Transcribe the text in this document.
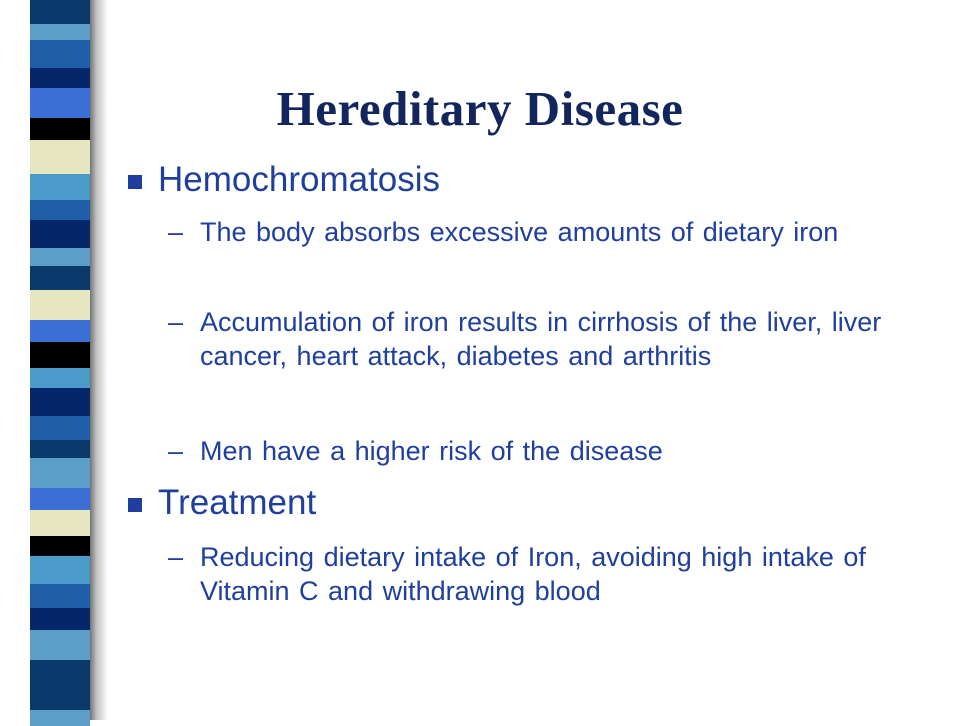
Hereditary Disease
Hemochromatosis
– The body absorbs excessive amounts of dietary iron
– Accumulation of iron results in cirrhosis of the liver, liver cancer, heart attack, diabetes and arthritis
– Men have a higher risk of the disease
Treatment
– Reducing dietary intake of Iron, avoiding high intake of Vitamin C and withdrawing blood
